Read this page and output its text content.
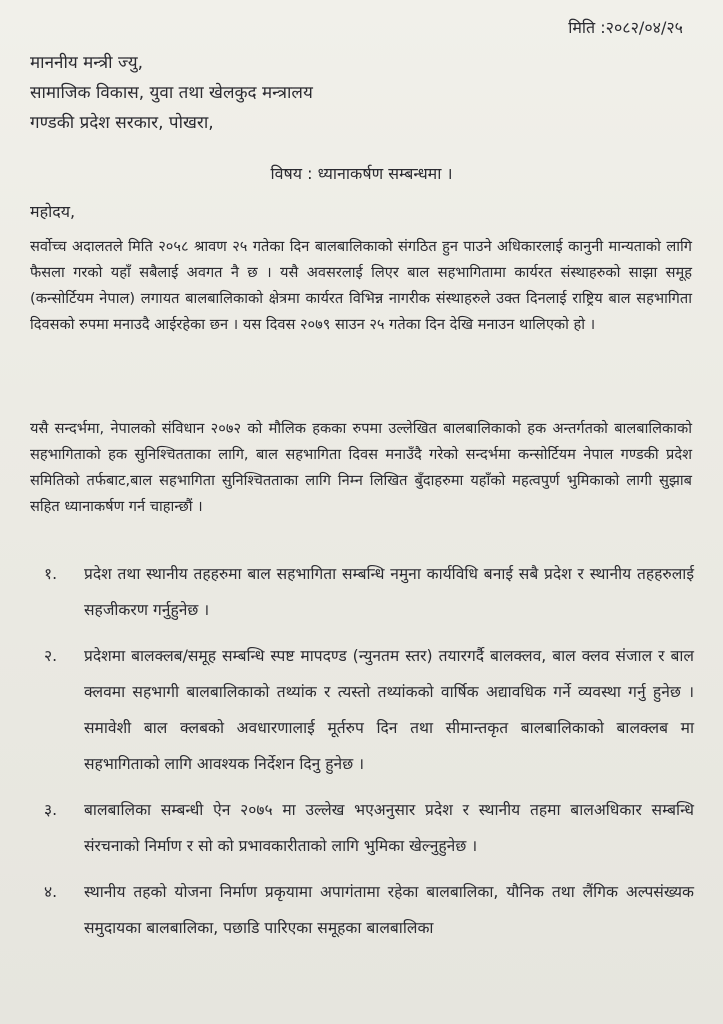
मिति :२०८२/०४/२५
माननीय मन्त्री ज्यु,
सामाजिक विकास, युवा तथा खेलकुद मन्त्रालय
गण्डकी प्रदेश सरकार, पोखरा,
विषय : ध्यानाकर्षण सम्बन्धमा ।
महोदय,
सर्वोच्च अदालतले मिति २०५८ श्रावण २५ गतेका दिन बालबालिकाको संगठित हुन पाउने अधिकारलाई कानुनी मान्यताको लागि फैसला गरको यहाँ सबैलाई अवगत नै छ । यसै अवसरलाई लिएर बाल सहभागितामा कार्यरत संस्थाहरुको साझा समूह (कन्सोर्टियम नेपाल) लगायत बालबालिकाको क्षेत्रमा कार्यरत विभिन्न नागरीक संस्थाहरुले उक्त दिनलाई राष्ट्रिय बाल सहभागिता दिवसको रुपमा मनाउदै आईरहेका छन । यस दिवस २०७९ साउन २५ गतेका दिन देखि मनाउन थालिएको हो ।
यसै सन्दर्भमा, नेपालको संविधान २०७२ को मौलिक हकका रुपमा उल्लेखित बालबालिकाको हक अन्तर्गतको बालबालिकाको सहभागिताको हक सुनिश्चितताका लागि, बाल सहभागिता दिवस मनाउँदै गरेको सन्दर्भमा कन्सोर्टियम नेपाल गण्डकी प्रदेश समितिको तर्फबाट,बाल सहभागिता सुनिश्चितताका लागि निम्न लिखित बुँदाहरुमा यहाँको महत्वपुर्ण भुमिकाको लागी सुझाब सहित ध्यानाकर्षण गर्न चाहान्छौं ।
१. प्रदेश तथा स्थानीय तहहरुमा बाल सहभागिता सम्बन्धि नमुना कार्यविधि बनाई सबै प्रदेश र स्थानीय तहहरुलाई सहजीकरण गर्नुहुनेछ ।
२. प्रदेशमा बालक्लब/समूह सम्बन्धि स्पष्ट मापदण्ड (न्युनतम स्तर) तयारगर्दै बालक्लव, बाल क्लव संजाल र बाल क्लवमा सहभागी बालबालिकाको तथ्यांक र त्यस्तो तथ्यांकको वार्षिक अद्यावधिक गर्ने व्यवस्था गर्नु हुनेछ । समावेशी बाल क्लबको अवधारणालाई मूर्तरुप दिन तथा सीमान्तकृत बालबालिकाको बालक्लब मा सहभागिताको लागि आवश्यक निर्देशन दिनु हुनेछ ।
३. बालबालिका सम्बन्धी ऐन २०७५ मा उल्लेख भएअनुसार प्रदेश र स्थानीय तहमा बालअधिकार सम्बन्धि संरचनाको निर्माण र सो को प्रभावकारीताको लागि भुमिका खेल्नुहुनेछ ।
४. स्थानीय तहको योजना निर्माण प्रकृयामा अपागंतामा रहेका बालबालिका, यौनिक तथा लैंगिक अल्पसंख्यक समुदायका बालबालिका, पछाडि पारिएका समूहका बालबालिका
